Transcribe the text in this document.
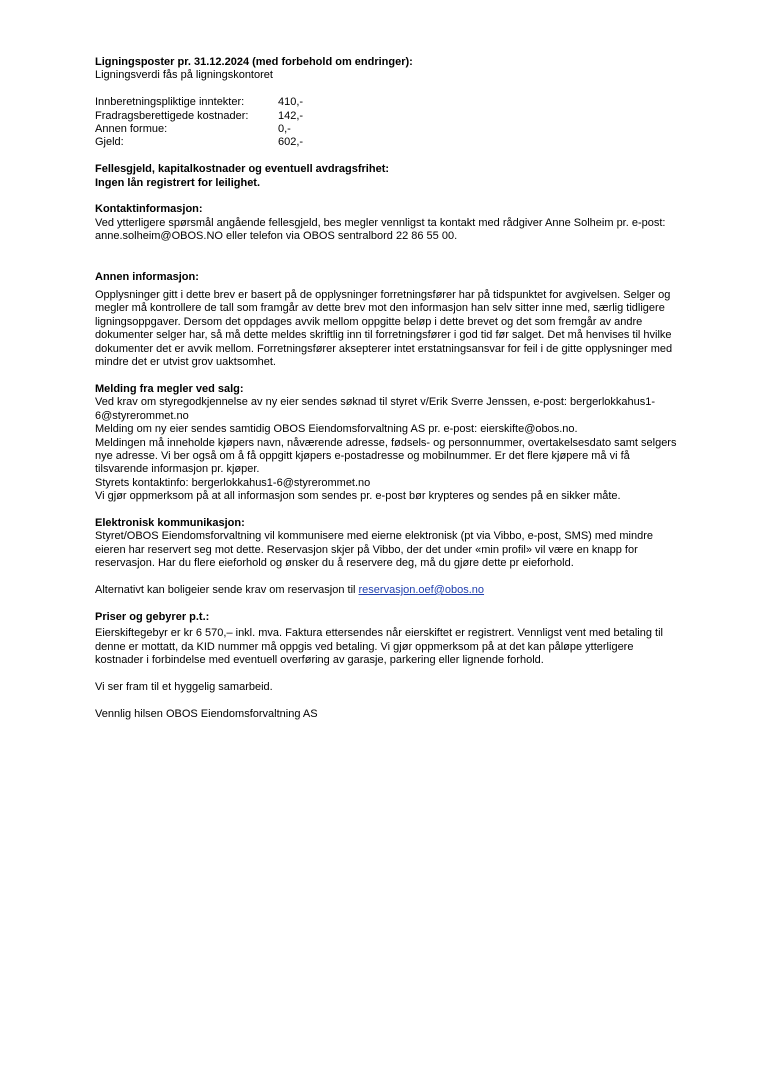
Ligningsposter pr. 31.12.2024 (med forbehold om endringer):

Ligningsverdi fås på ligningskontoret

Innberetningspliktige inntekter:	410,-
Fradragsberettigede kostnader:	142,-
Annen formue:	0,-
Gjeld:	602,-

Fellesgjeld, kapitalkostnader og eventuell avdragsfrihet:

Ingen lån registrert for leilighet.

Kontaktinformasjon:

Ved ytterligere spørsmål angående fellesgjeld, bes megler vennligst ta kontakt med rådgiver Anne Solheim pr. e-post:

anne.solheim@OBOS.NO eller telefon via OBOS sentralbord 22 86 55 00.

Annen informasjon:

Opplysninger gitt i dette brev er basert på de opplysninger forretningsfører har på tidspunktet for avgivelsen. Selger og

megler må kontrollere de tall som framgår av dette brev mot den informasjon han selv sitter inne med, særlig tidligere

ligningsoppgaver. Dersom det oppdages avvik mellom oppgitte beløp i dette brevet og det som fremgår av andre

dokumenter selger har, så må dette meldes skriftlig inn til forretningsfører i god tid før salget. Det må henvises til hvilke

dokumenter det er avvik mellom. Forretningsfører aksepterer intet erstatningsansvar for feil i de gitte opplysninger med

mindre det er utvist grov uaktsomhet.

Melding fra megler ved salg:

Ved krav om styregodkjennelse av ny eier sendes søknad til styret v/Erik Sverre Jenssen, e-post: bergerlokkahus1-

6@styrerommet.no

Melding om ny eier sendes samtidig OBOS Eiendomsforvaltning AS pr. e-post: eierskifte@obos.no.

Meldingen må inneholde kjøpers navn, nåværende adresse, fødsels- og personnummer, overtakelsesdato samt selgers

nye adresse. Vi ber også om å få oppgitt kjøpers e-postadresse og mobilnummer. Er det flere kjøpere må vi få

tilsvarende informasjon pr. kjøper.

Styrets kontaktinfo: bergerlokkahus1-6@styrerommet.no

Vi gjør oppmerksom på at all informasjon som sendes pr. e-post bør krypteres og sendes på en sikker måte.

Elektronisk kommunikasjon:

Styret/OBOS Eiendomsforvaltning vil kommunisere med eierne elektronisk (pt via Vibbo, e-post, SMS) med mindre

eieren har reservert seg mot dette. Reservasjon skjer på Vibbo, der det under «min profil» vil være en knapp for

reservasjon. Har du flere eieforhold og ønsker du å reservere deg, må du gjøre dette pr eieforhold.

Alternativt kan boligeier sende krav om reservasjon til reservasjon.oef@obos.no

Priser og gebyrer p.t.:

Eierskiftegebyr er kr 6 570,– inkl. mva. Faktura ettersendes når eierskiftet er registrert. Vennligst vent med betaling til

denne er mottatt, da KID nummer må oppgis ved betaling. Vi gjør oppmerksom på at det kan påløpe ytterligere

kostnader i forbindelse med eventuell overføring av garasje, parkering eller lignende forhold.

Vi ser fram til et hyggelig samarbeid.

Vennlig hilsen OBOS Eiendomsforvaltning AS
